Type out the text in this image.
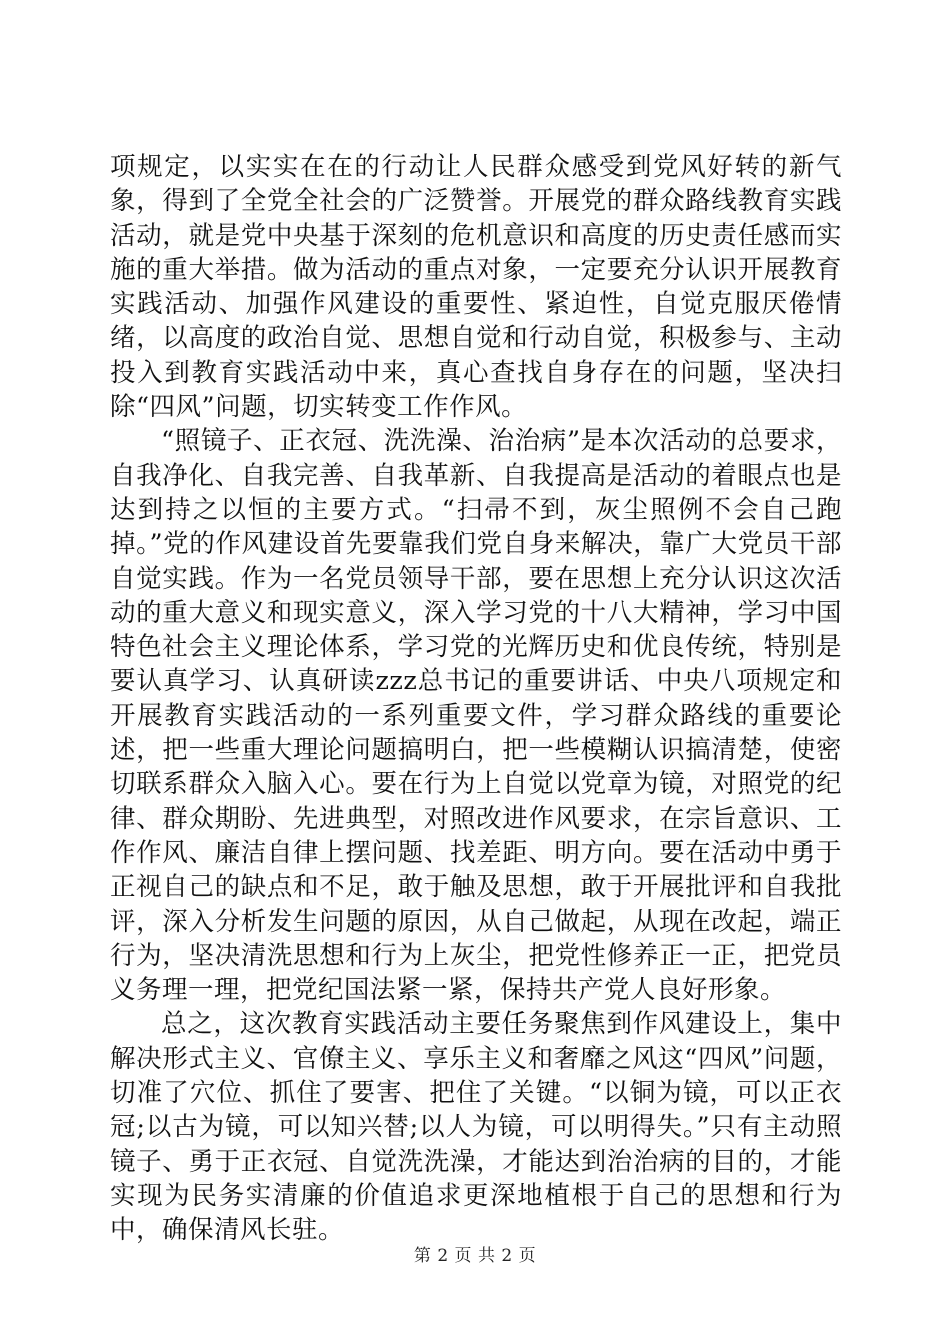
项规定，以实实在在的行动让人民群众感受到党风好转的新气象，得到了全党全社会的广泛赞誉。开展党的群众路线教育实践活动，就是党中央基于深刻的危机意识和高度的历史责任感而实施的重大举措。做为活动的重点对象，一定要充分认识开展教育实践活动、加强作风建设的重要性、紧迫性，自觉克服厌倦情绪，以高度的政治自觉、思想自觉和行动自觉，积极参与、主动投入到教育实践活动中来，真心查找自身存在的问题，坚决扫除“四风”问题，切实转变工作作风。

“照镜子、正衣冠、洗洗澡、治治病”是本次活动的总要求，自我净化、自我完善、自我革新、自我提高是活动的着眼点也是达到持之以恒的主要方式。“扫帚不到，灰尘照例不会自己跑掉。”党的作风建设首先要靠我们党自身来解决，靠广大党员干部自觉实践。作为一名党员领导干部，要在思想上充分认识这次活动的重大意义和现实意义，深入学习党的十八大精神，学习中国特色社会主义理论体系，学习党的光辉历史和优良传统，特别是要认真学习、认真研读zzz总书记的重要讲话、中央八项规定和开展教育实践活动的一系列重要文件，学习群众路线的重要论述，把一些重大理论问题搞明白，把一些模糊认识搞清楚，使密切联系群众入脑入心。要在行为上自觉以党章为镜，对照党的纪律、群众期盼、先进典型，对照改进作风要求，在宗旨意识、工作作风、廉洁自律上摆问题、找差距、明方向。要在活动中勇于正视自己的缺点和不足，敢于触及思想，敢于开展批评和自我批评，深入分析发生问题的原因，从自己做起，从现在改起，端正行为，坚决清洗思想和行为上灰尘，把党性修养正一正，把党员义务理一理，把党纪国法紧一紧，保持共产党人良好形象。

总之，这次教育实践活动主要任务聚焦到作风建设上，集中解决形式主义、官僚主义、享乐主义和奢靡之风这“四风”问题，切准了穴位、抓住了要害、把住了关键。“以铜为镜，可以正衣冠;以古为镜，可以知兴替;以人为镜，可以明得失。”只有主动照镜子、勇于正衣冠、自觉洗洗澡，才能达到治治病的目的，才能实现为民务实清廉的价值追求更深地植根于自己的思想和行为中，确保清风长驻。

第 2 页 共 2 页
